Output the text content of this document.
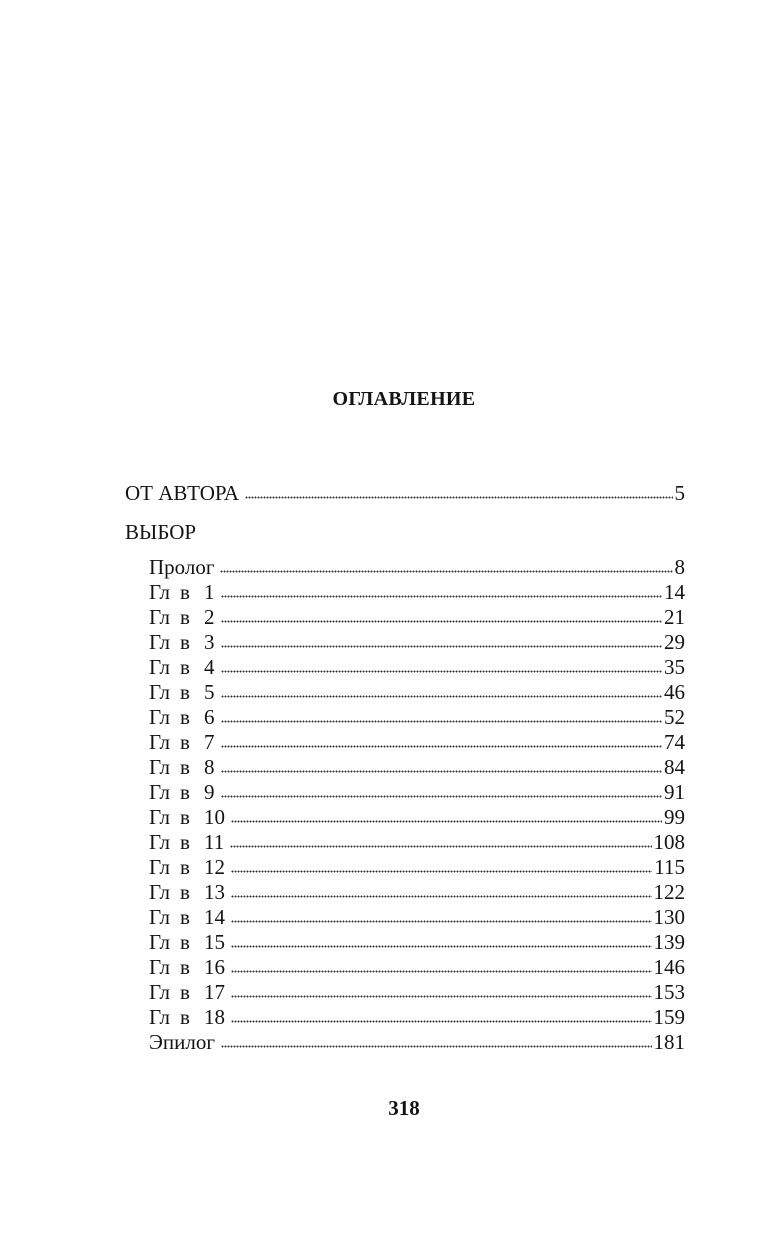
ОГЛАВЛЕНИЕ
ОТ АВТОРА	5
ВЫБОР
Пролог	8
Гл в 1	14
Гл в 2	21
Гл в 3	29
Гл в 4	35
Гл в 5	46
Гл в 6	52
Гл в 7	74
Гл в 8	84
Гл в 9	91
Гл в 10	99
Гл в 11	108
Гл в 12	115
Гл в 13	122
Гл в 14	130
Гл в 15	139
Гл в 16	146
Гл в 17	153
Гл в 18	159
Эпилог	181
318
